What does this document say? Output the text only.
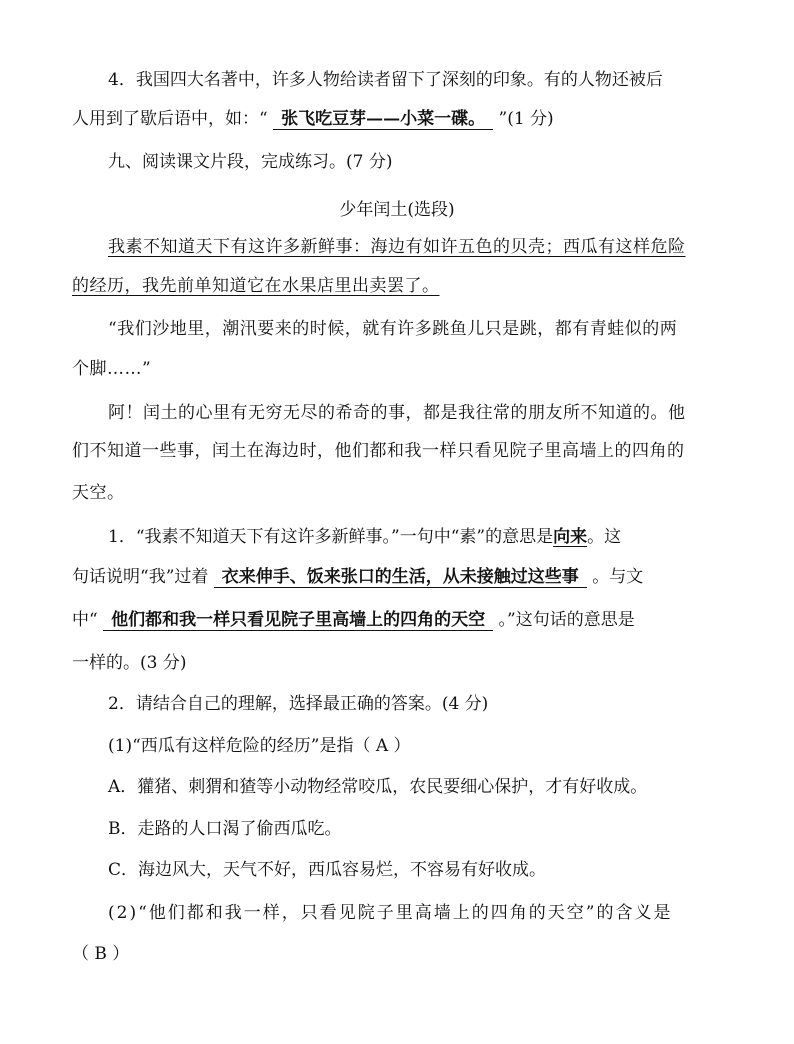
4．我国四大名著中，许多人物给读者留下了深刻的印象。有的人物还被后
人用到了歇后语中，如：“ 张飞吃豆芽——小菜一碟。 ”(1 分)
九、阅读课文片段，完成练习。(7 分)
少年闰土(选段)
我素不知道天下有这许多新鲜事：海边有如许五色的贝壳；西瓜有这样危险
的经历，我先前单知道它在水果店里出卖罢了。
“我们沙地里，潮汛要来的时候，就有许多跳鱼儿只是跳，都有青蛙似的两
个脚……”
阿！闰土的心里有无穷无尽的希奇的事，都是我往常的朋友所不知道的。他
们不知道一些事，闰土在海边时，他们都和我一样只看见院子里高墙上的四角的
天空。
1．“我素不知道天下有这许多新鲜事。”一句中“素”的意思是向来。这
句话说明“我”过着 衣来伸手、饭来张口的生活，从未接触过这些事 。与文
中“ 他们都和我一样只看见院子里高墙上的四角的天空 。”这句话的意思是
一样的。(3 分)
2．请结合自己的理解，选择最正确的答案。(4 分)
(1)“西瓜有这样危险的经历”是指（ A ）
A．獾猪、刺猬和猹等小动物经常咬瓜，农民要细心保护，才有好收成。
B．走路的人口渴了偷西瓜吃。
C．海边风大，天气不好，西瓜容易烂，不容易有好收成。
(2)“他们都和我一样，只看见院子里高墙上的四角的天空”的含义是
（ B ）
